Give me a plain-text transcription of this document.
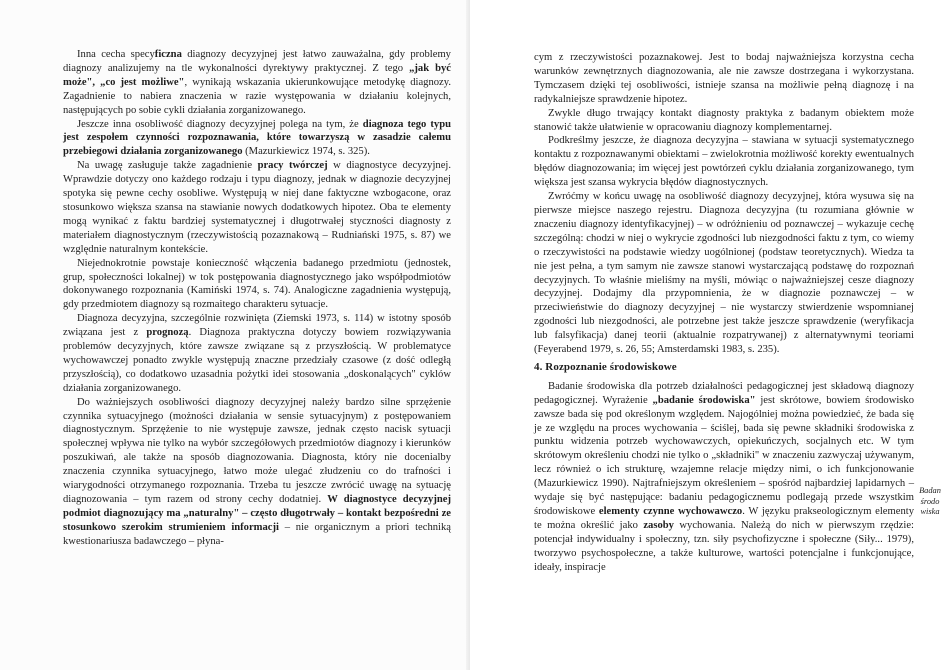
Inna cecha specyficzna diagnozy decyzyjnej jest łatwo zauważalna, gdy problemy diagnozy analizujemy na tle wykonalności dyrektywy praktycznej. Z tego „jak być może", „co jest możliwe", wynikają wskazania ukierunkowujące metodykę diagnozy. Zagadnienie to nabiera znaczenia w razie występowania w działaniu kolejnych, następujących po sobie cykli działania zorganizowanego.

Jeszcze inna osobliwość diagnozy decyzyjnej polega na tym, że diagnoza tego typu jest zespołem czynności rozpoznawania, które towarzyszą w zasadzie całemu przebiegowi działania zorganizowanego (Mazurkiewicz 1974, s. 325).

Na uwagę zasługuje także zagadnienie pracy twórczej w diagnostyce decyzyjnej. Wprawdzie dotyczy ono każdego rodzaju i typu diagnozy, jednak w diagnozie decyzyjnej spotyka się pewne cechy osobliwe. Występują w niej dane faktyczne wzbogacone, oraz stosunkowo większa szansa na stawianie nowych dodatkowych hipotez. Oba te elementy mogą wynikać z faktu bardziej systematycznej i długotrwałej styczności diagnosty z materiałem diagnostycznym (rzeczywistością pozaznakową – Rudniański 1975, s. 87) we względnie naturalnym kontekście.

Niejednokrotnie powstaje konieczność włączenia badanego przedmiotu (jednostek, grup, społeczności lokalnej) w tok postępowania diagnostycznego jako współpodmiotów dokonywanego rozpoznania (Kamiński 1974, s. 74). Analogiczne zagadnienia występują, gdy przedmiotem diagnozy są rozmaitego charakteru sytuacje.

Diagnoza decyzyjna, szczególnie rozwinięta (Ziemski 1973, s. 114) w istotny sposób związana jest z prognozą. Diagnoza praktyczna dotyczy bowiem rozwiązywania problemów decyzyjnych, które zawsze związane są z przyszłością. W problematyce wychowawczej ponadto zwykle występują znaczne przedziały czasowe (z dość odległą przyszłością), co dodatkowo uzasadnia pożytki idei stosowania „doskonalących" cyklów działania zorganizowanego.

Do ważniejszych osobliwości diagnozy decyzyjnej należy bardzo silne sprzężenie czynnika sytuacyjnego (możności działania w sensie sytuacyjnym) z postępowaniem diagnostycznym. Sprzężenie to nie występuje zawsze, jednak często nacisk sytuacji społecznej wpływa nie tylko na wybór szczegółowych przedmiotów diagnozy i kierunków poszukiwań, ale także na sposób diagnozowania. Diagnosta, który nie docenialby znaczenia czynnika sytuacyjnego, łatwo może ulegać złudzeniu co do trafności i wiarygodności otrzymanego rozpoznania. Trzeba tu jeszcze zwrócić uwagę na sytuację diagnozowania – tym razem od strony cechy dodatniej. W diagnostyce decyzyjnej podmiot diagnozujący ma „naturalny" – często długotrwały – kontakt bezpośredni ze stosunkowo szerokim strumieniem informacji – nie organicznym a priori techniką kwestionariusza badawczego – płyna-

cym z rzeczywistości pozaznakowej. Jest to bodaj najważniejsza korzystna cecha warunków zewnętrznych diagnozowania, ale nie zawsze dostrzegana i wykorzystana. Tymczasem dzięki tej osobliwości, istnieje szansa na możliwie pełną diagnozę i na radykalniejsze sprawdzenie hipotez.

Zwykle długo trwający kontakt diagnosty praktyka z badanym obiektem może stanowić także ułatwienie w opracowaniu diagnozy komplementarnej.

Podkreślmy jeszcze, że diagnoza decyzyjna – stawiana w sytuacji systematycznego kontaktu z rozpoznawanymi obiektami – zwielokrotnia możliwość korekty ewentualnych błędów diagnozowania; im więcej jest powtórzeń cyklu działania zorganizowanego, tym większa jest szansa wykrycia błędów diagnostycznych.

Zwróćmy w końcu uwagę na osobliwość diagnozy decyzyjnej, która wysuwa się na pierwsze miejsce naszego rejestru. Diagnoza decyzyjna (tu rozumiana głównie w znaczeniu diagnozy identyfikacyjnej) – w odróżnieniu od poznawczej – wykazuje cechę szczególną: chodzi w niej o wykrycie zgodności lub niezgodności faktu z tym, co wiemy o rzeczywistości na podstawie wiedzy uogólnionej (podstaw teoretycznych). Wiedza ta nie jest pełna, a tym samym nie zawsze stanowi wystarczającą podstawę do rozpoznań decyzyjnych. To właśnie mieliśmy na myśli, mówiąc o najważniejszej cesze diagnozy decyzyjnej. Dodajmy dla przypomnienia, że w diagnozie poznawczej – w przeciwieństwie do diagnozy decyzyjnej – nie wystarczy stwierdzenie wspomnianej zgodności lub niezgodności, ale potrzebne jest także jeszcze sprawdzenie (weryfikacja lub falsyfikacja) danej teorii (aktualnie rozpatrywanej) z alternatywnymi teoriami (Feyerabend 1979, s. 26, 55; Amsterdamski 1983, s. 235).

4. Rozpoznanie środowiskowe

Badanie środowiska dla potrzeb działalności pedagogicznej jest składową diagnozy pedagogicznej. Wyrażenie „badanie środowiska" jest skrótowe, bowiem środowisko zawsze bada się pod określonym względem. Najogólniej można powiedzieć, że bada się je ze względu na proces wychowania – ściślej, bada się pewne składniki środowiska z punktu widzenia potrzeb wychowawczych, opiekuńczych, socjalnych etc. W tym skrótowym określeniu chodzi nie tylko o „składniki" w znaczeniu zazwyczaj używanym, lecz również o ich strukturę, wzajemne relacje między nimi, o ich funkcjonowanie (Mazurkiewicz 1990). Najtrafniejszym określeniem – spośród najbardziej lapidarnych – wydaje się być następujące: badaniu pedagogicznemu podlegają przede wszystkim środowiskowe elementy czynne wychowawczo. W języku prakseologicznym elementy te można określić jako zasoby wychowania. Należą do nich w pierwszym rzędzie: potencjał indywidualny i społeczny, tzn. siły psychofizyczne i społeczne (Siły... 1979), tworzywo psychospołeczne, a także kulturowe, wartości potencjalne i funkcjonujące, ideały, inspiracje

Badan
środo
wiska
